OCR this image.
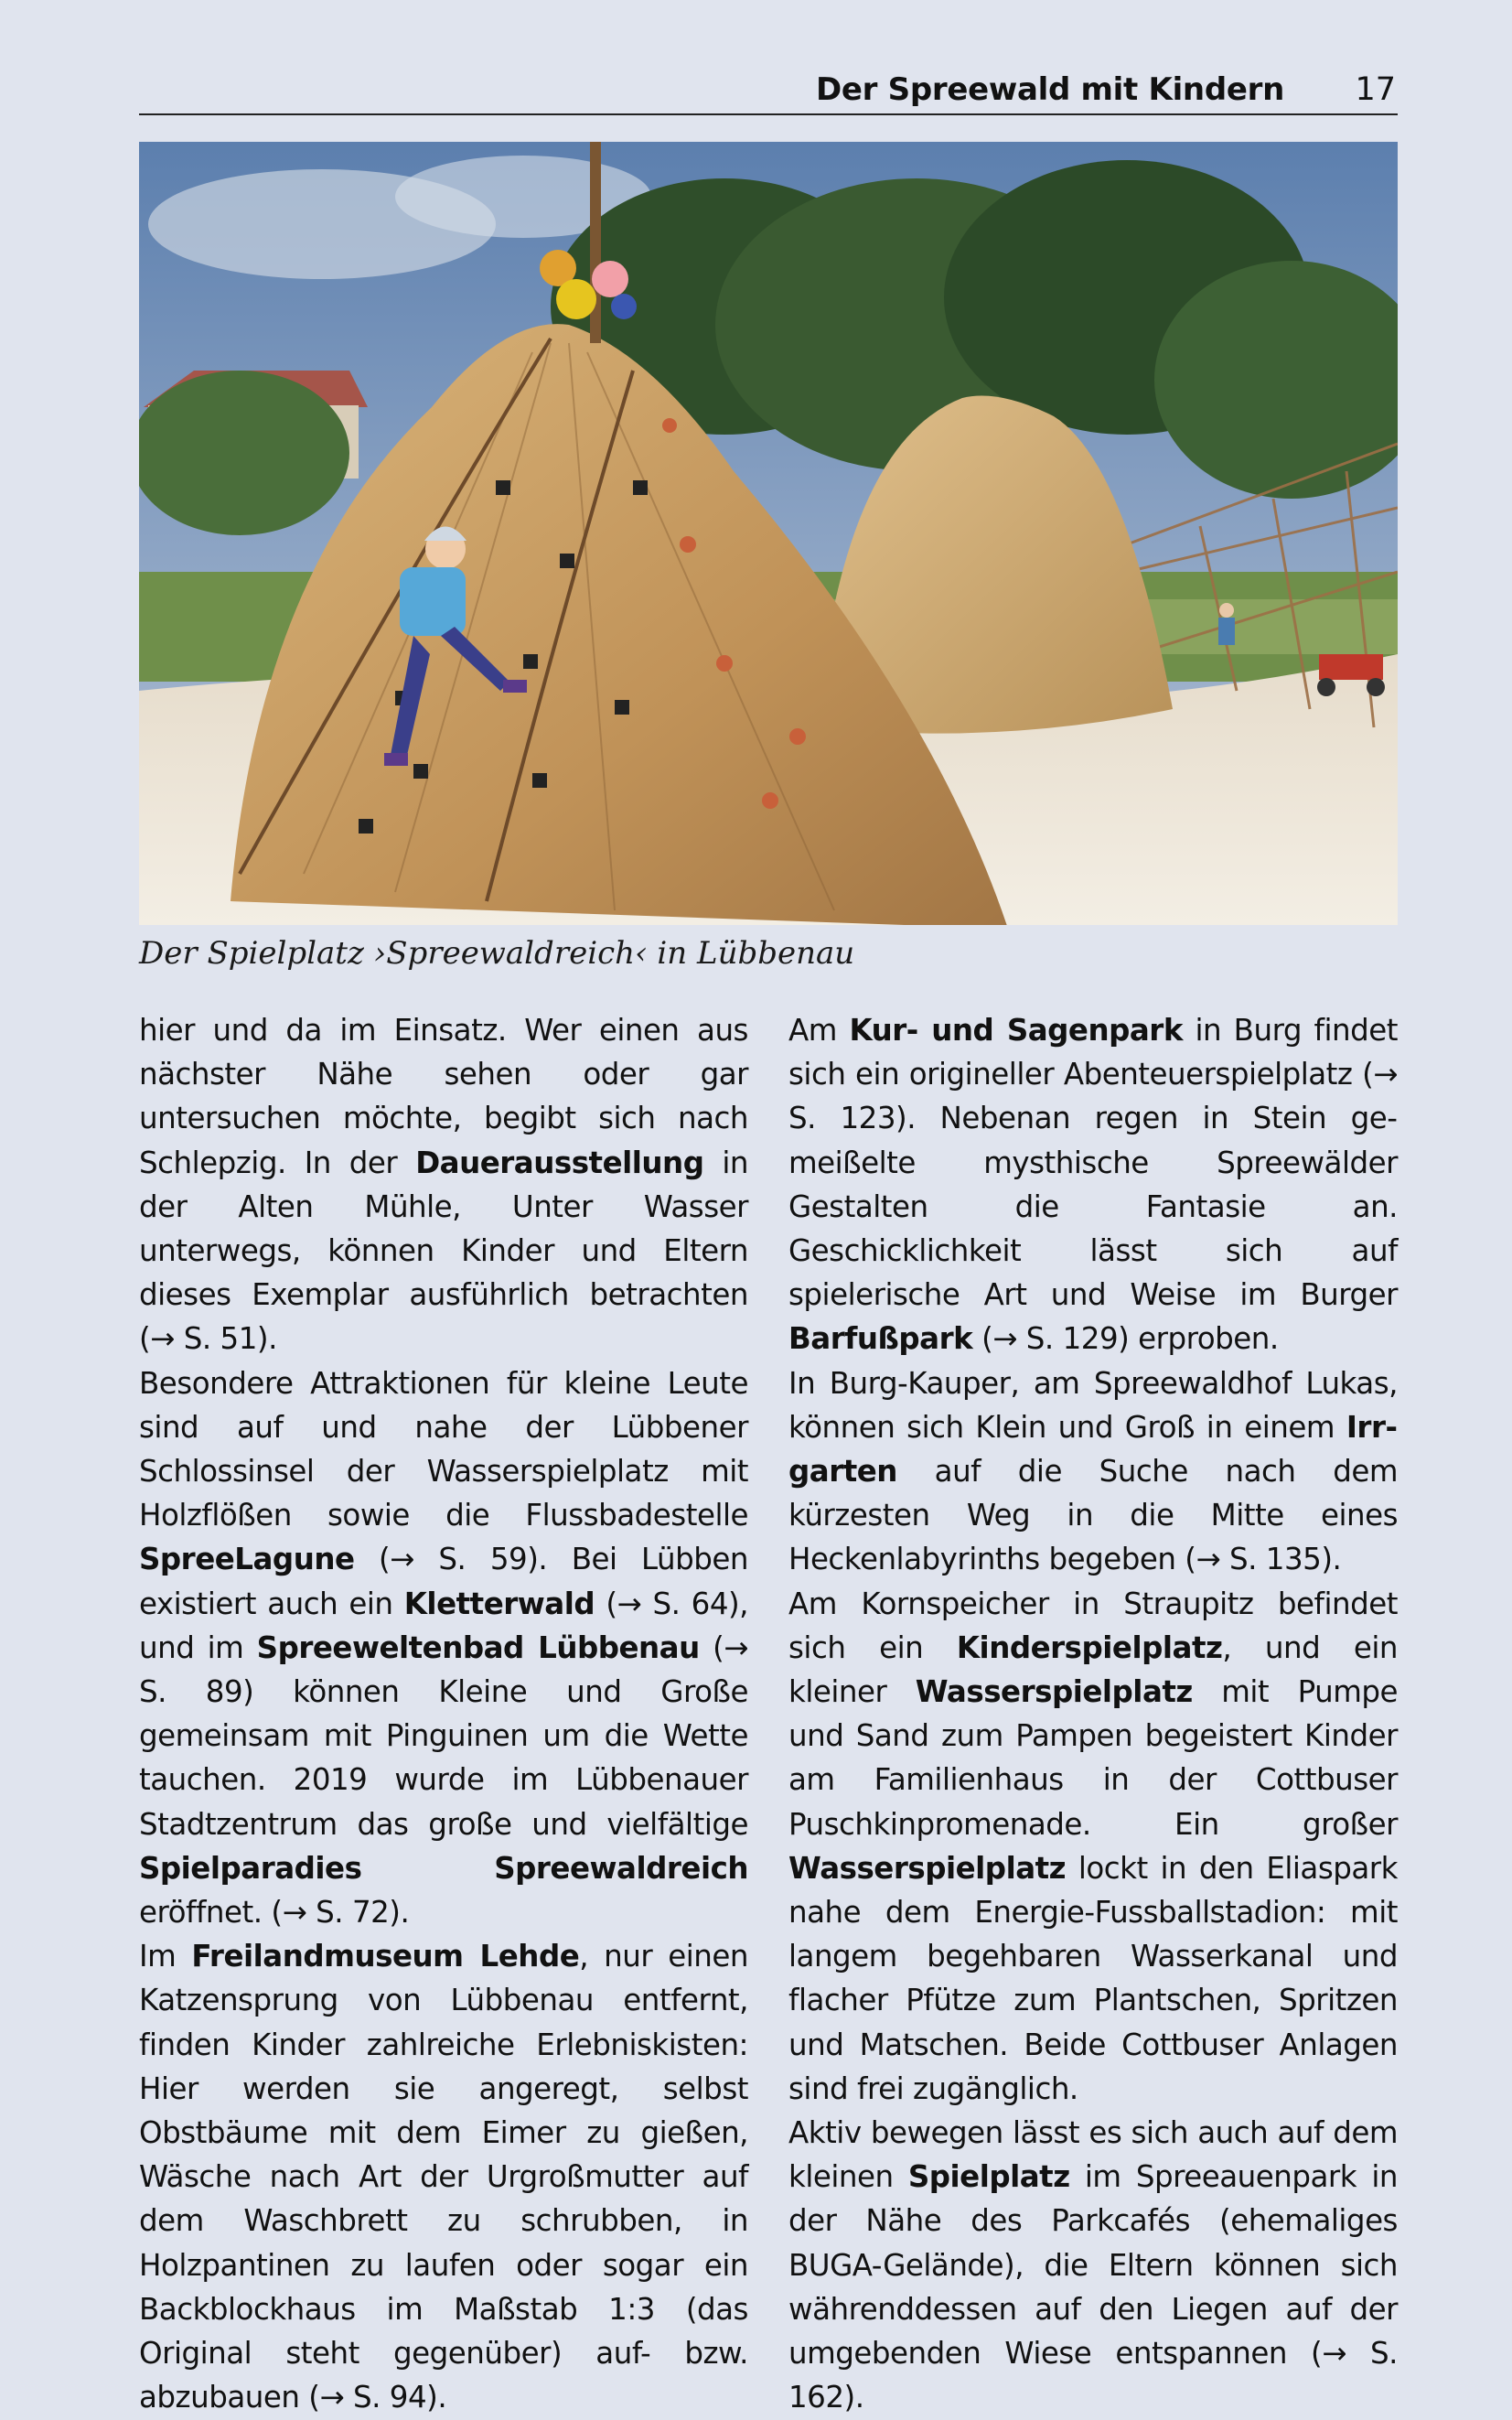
Der Spreewald mit Kindern 17
Der Spielplatz ›Spreewaldreich‹ in Lübbenau

hier und da im Einsatz. Wer einen aus nächster Nähe sehen oder gar untersuchen möchte, begibt sich nach Schlepzig. In der Dauerausstellung in der Alten Mühle, Unter Wasser unterwegs, können Kinder und Eltern dieses Exemplar ausführlich betrachten (→ S. 51).

Besondere Attraktionen für kleine Leute sind auf und nahe der Lübbener Schlossinsel der Wasserspielplatz mit Holzflößen sowie die Flussbadestelle SpreeLagune (→ S. 59). Bei Lübben existiert auch ein Kletterwald (→ S. 64), und im Spreeweltenbad Lübbenau (→ S. 89) können Kleine und Große gemeinsam mit Pinguinen um die Wette tauchen. 2019 wurde im Lübbenauer Stadtzentrum das große und vielfältige Spielparadies Spreewaldreich eröffnet. (→ S. 72).

Im Freilandmuseum Lehde, nur einen Katzensprung von Lübbenau entfernt, finden Kinder zahlreiche Erlebniskisten: Hier werden sie angeregt, selbst Obstbäume mit dem Eimer zu gießen, Wäsche nach Art der Urgroßmutter auf dem Waschbrett zu schrubben, in Holzpantinen zu laufen oder sogar ein Backblockhaus im Maßstab 1:3 (das Original steht gegenüber) auf- bzw. abzubauen (→ S. 94).

Am Kur- und Sagenpark in Burg findet sich ein origineller Abenteuerspielplatz (→ S. 123). Nebenan regen in Stein gemeißelte mysthische Spreewälder Gestalten die Fantasie an. Geschicklichkeit lässt sich auf spielerische Art und Weise im Burger Barfußpark (→ S. 129) erproben.

In Burg-Kauper, am Spreewaldhof Lukas, können sich Klein und Groß in einem Irrgarten auf die Suche nach dem kürzesten Weg in die Mitte eines Heckenlabyrinths begeben (→ S. 135).

Am Kornspeicher in Straupitz befindet sich ein Kinderspielplatz, und ein kleiner Wasserspielplatz mit Pumpe und Sand zum Pampen begeistert Kinder am Familienhaus in der Cottbuser Puschkinpromenade. Ein großer Wasserspielplatz lockt in den Eliaspark nahe dem Energie-Fussballstadion: mit langem begehbaren Wasserkanal und flacher Pfütze zum Plantschen, Spritzen und Matschen. Beide Cottbuser Anlagen sind frei zugänglich.

Aktiv bewegen lässt es sich auch auf dem kleinen Spielplatz im Spreeauenpark in der Nähe des Parkcafés (ehemaliges BUGA-Gelände), die Eltern können sich währenddessen auf den Liegen auf der umgebenden Wiese entspannen (→ S. 162).
